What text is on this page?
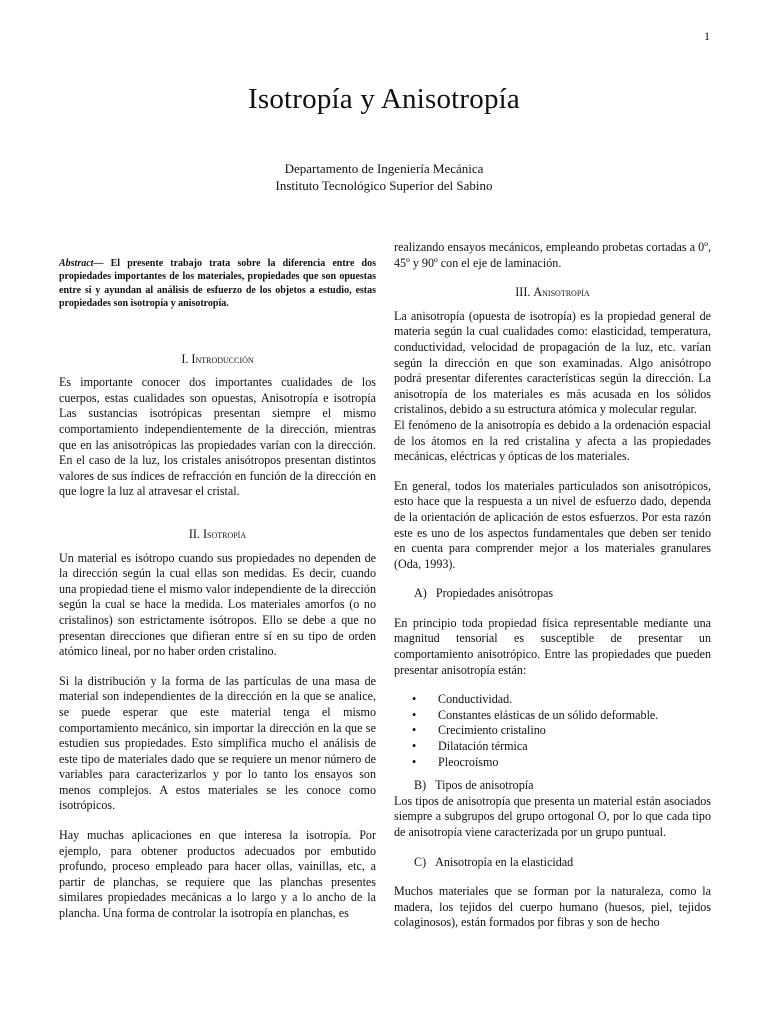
1
Isotropía y Anisotropía
Departamento de Ingeniería Mecánica
Instituto Tecnológico Superior del Sabino
Abstract— El presente trabajo trata sobre la diferencia entre dos propiedades importantes de los materiales, propiedades que son opuestas entre si y ayundan al análisis de esfuerzo de los objetos a estudio, estas propiedades son isotropía y anisotropía.
I. Introducción

Es importante conocer dos importantes cualidades de los cuerpos, estas cualidades son opuestas, Anisotropía e isotropía Las sustancias isotrópicas presentan siempre el mismo comportamiento independientemente de la dirección, mientras que en las anisotrópicas las propiedades varían con la dirección. En el caso de la luz, los cristales anisótropos presentan distintos valores de sus índices de refracción en función de la dirección en que logre la luz al atravesar el cristal.

II. Isotropía

Un material es isótropo cuando sus propiedades no dependen de la dirección según la cual ellas son medidas. Es decir, cuando una propiedad tiene el mismo valor independiente de la dirección según la cual se hace la medida. Los materiales amorfos (o no cristalinos) son estrictamente isótropos. Ello se debe a que no presentan direcciones que difieran entre sí en su tipo de orden atómico lineal, por no haber orden cristalino.

Si la distribución y la forma de las partículas de una masa de material son independientes de la dirección en la que se analice, se puede esperar que este material tenga el mismo comportamiento mecánico, sin importar la dirección en la que se estudien sus propiedades. Esto simplifica mucho el análisis de este tipo de materiales dado que se requiere un menor número de variables para caracterizarlos y por lo tanto los ensayos son menos complejos. A estos materiales se les conoce como isotrópicos.

Hay muchas aplicaciones en que interesa la isotropía. Por ejemplo, para obtener productos adecuados por embutido profundo, proceso empleado para hacer ollas, vainillas, etc, a partir de planchas, se requiere que las planchas presentes similares propiedades mecánicas a lo largo y a lo ancho de la plancha. Una forma de controlar la isotropía en planchas, es

realizando ensayos mecánicos, empleando probetas cortadas a 0º, 45º y 90º con el eje de laminación.

III. Anisotropía

La anisotropía (opuesta de isotropía) es la propiedad general de materia según la cual cualidades como: elasticidad, temperatura, conductividad, velocidad de propagación de la luz, etc. varían según la dirección en que son examinadas. Algo anisótropo podrá presentar diferentes características según la dirección. La anisotropía de los materiales es más acusada en los sólidos cristalinos, debido a su estructura atómica y molecular regular.

El fenómeno de la anisotropía es debido a la ordenación espacial de los átomos en la red cristalina y afecta a las propiedades mecánicas, eléctricas y ópticas de los materiales.

En general, todos los materiales particulados son anisotrópicos, esto hace que la respuesta a un nivel de esfuerzo dado, dependa de la orientación de aplicación de estos esfuerzos. Por esta razón este es uno de los aspectos fundamentales que deben ser tenido en cuenta para comprender mejor a los materiales granulares (Oda, 1993).

A) Propiedades anisótropas

En principio toda propiedad física representable mediante una magnitud tensorial es susceptible de presentar un comportamiento anisotrópico. Entre las propiedades que pueden presentar anisotropía están:

• Conductividad.
• Constantes elásticas de un sólido deformable.
• Crecimiento cristalino
• Dilatación térmica
• Pleocroísmo
B) Tipos de anisotropía

Los tipos de anisotropía que presenta un material están asociados siempre a subgrupos del grupo ortogonal O, por lo que cada tipo de anisotropía viene caracterizada por un grupo puntual.

C) Anisotropía en la elasticidad

Muchos materiales que se forman por la naturaleza, como la madera, los tejidos del cuerpo humano (huesos, piel, tejidos colaginosos), están formados por fibras y son de hecho
